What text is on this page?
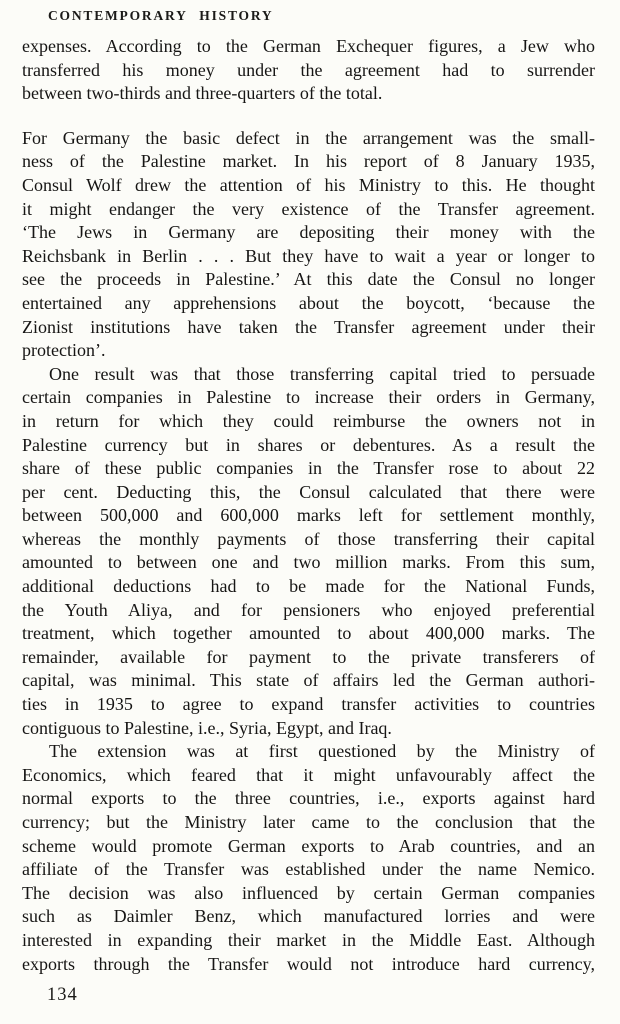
CONTEMPORARY HISTORY
expenses. According to the German Exchequer figures, a Jew who
transferred his money under the agreement had to surrender
between two-thirds and three-quarters of the total.
For Germany the basic defect in the arrangement was the small-
ness of the Palestine market. In his report of 8 January 1935,
Consul Wolf drew the attention of his Ministry to this. He thought
it might endanger the very existence of the Transfer agreement.
‘The Jews in Germany are depositing their money with the
Reichsbank in Berlin . . . But they have to wait a year or longer to
see the proceeds in Palestine.’ At this date the Consul no longer
entertained any apprehensions about the boycott, ‘because the
Zionist institutions have taken the Transfer agreement under their
protection’.
One result was that those transferring capital tried to persuade
certain companies in Palestine to increase their orders in Germany,
in return for which they could reimburse the owners not in
Palestine currency but in shares or debentures. As a result the
share of these public companies in the Transfer rose to about 22
per cent. Deducting this, the Consul calculated that there were
between 500,000 and 600,000 marks left for settlement monthly,
whereas the monthly payments of those transferring their capital
amounted to between one and two million marks. From this sum,
additional deductions had to be made for the National Funds,
the Youth Aliya, and for pensioners who enjoyed preferential
treatment, which together amounted to about 400,000 marks. The
remainder, available for payment to the private transferers of
capital, was minimal. This state of affairs led the German authori-
ties in 1935 to agree to expand transfer activities to countries
contiguous to Palestine, i.e., Syria, Egypt, and Iraq.
The extension was at first questioned by the Ministry of
Economics, which feared that it might unfavourably affect the
normal exports to the three countries, i.e., exports against hard
currency; but the Ministry later came to the conclusion that the
scheme would promote German exports to Arab countries, and an
affiliate of the Transfer was established under the name Nemico.
The decision was also influenced by certain German companies
such as Daimler Benz, which manufactured lorries and were
interested in expanding their market in the Middle East. Although
exports through the Transfer would not introduce hard currency,
134
